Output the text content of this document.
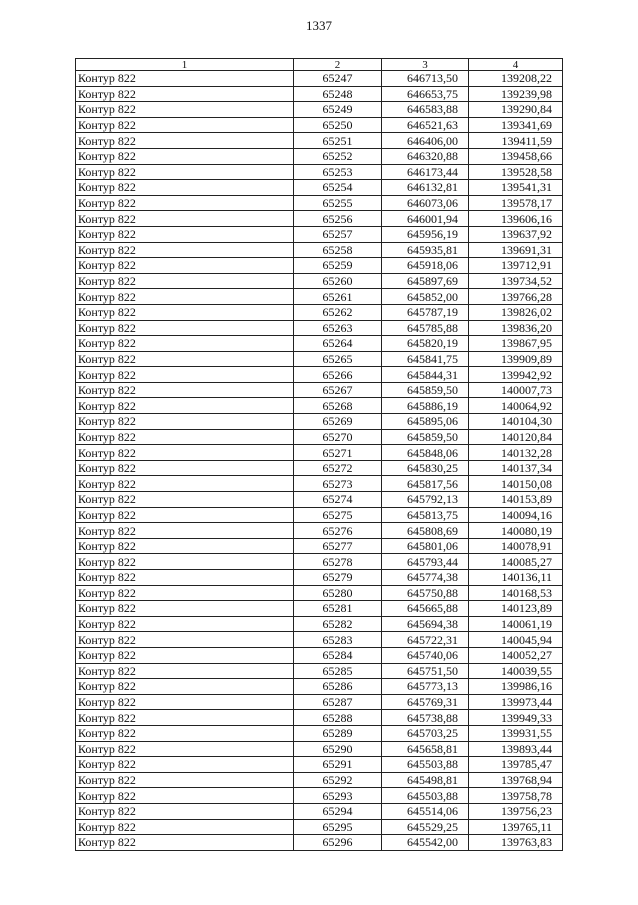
1337
1	2	3	4
Контур 822	65247	646713,50	139208,22
Контур 822	65248	646653,75	139239,98
Контур 822	65249	646583,88	139290,84
Контур 822	65250	646521,63	139341,69
Контур 822	65251	646406,00	139411,59
Контур 822	65252	646320,88	139458,66
Контур 822	65253	646173,44	139528,58
Контур 822	65254	646132,81	139541,31
Контур 822	65255	646073,06	139578,17
Контур 822	65256	646001,94	139606,16
Контур 822	65257	645956,19	139637,92
Контур 822	65258	645935,81	139691,31
Контур 822	65259	645918,06	139712,91
Контур 822	65260	645897,69	139734,52
Контур 822	65261	645852,00	139766,28
Контур 822	65262	645787,19	139826,02
Контур 822	65263	645785,88	139836,20
Контур 822	65264	645820,19	139867,95
Контур 822	65265	645841,75	139909,89
Контур 822	65266	645844,31	139942,92
Контур 822	65267	645859,50	140007,73
Контур 822	65268	645886,19	140064,92
Контур 822	65269	645895,06	140104,30
Контур 822	65270	645859,50	140120,84
Контур 822	65271	645848,06	140132,28
Контур 822	65272	645830,25	140137,34
Контур 822	65273	645817,56	140150,08
Контур 822	65274	645792,13	140153,89
Контур 822	65275	645813,75	140094,16
Контур 822	65276	645808,69	140080,19
Контур 822	65277	645801,06	140078,91
Контур 822	65278	645793,44	140085,27
Контур 822	65279	645774,38	140136,11
Контур 822	65280	645750,88	140168,53
Контур 822	65281	645665,88	140123,89
Контур 822	65282	645694,38	140061,19
Контур 822	65283	645722,31	140045,94
Контур 822	65284	645740,06	140052,27
Контур 822	65285	645751,50	140039,55
Контур 822	65286	645773,13	139986,16
Контур 822	65287	645769,31	139973,44
Контур 822	65288	645738,88	139949,33
Контур 822	65289	645703,25	139931,55
Контур 822	65290	645658,81	139893,44
Контур 822	65291	645503,88	139785,47
Контур 822	65292	645498,81	139768,94
Контур 822	65293	645503,88	139758,78
Контур 822	65294	645514,06	139756,23
Контур 822	65295	645529,25	139765,11
Контур 822	65296	645542,00	139763,83
